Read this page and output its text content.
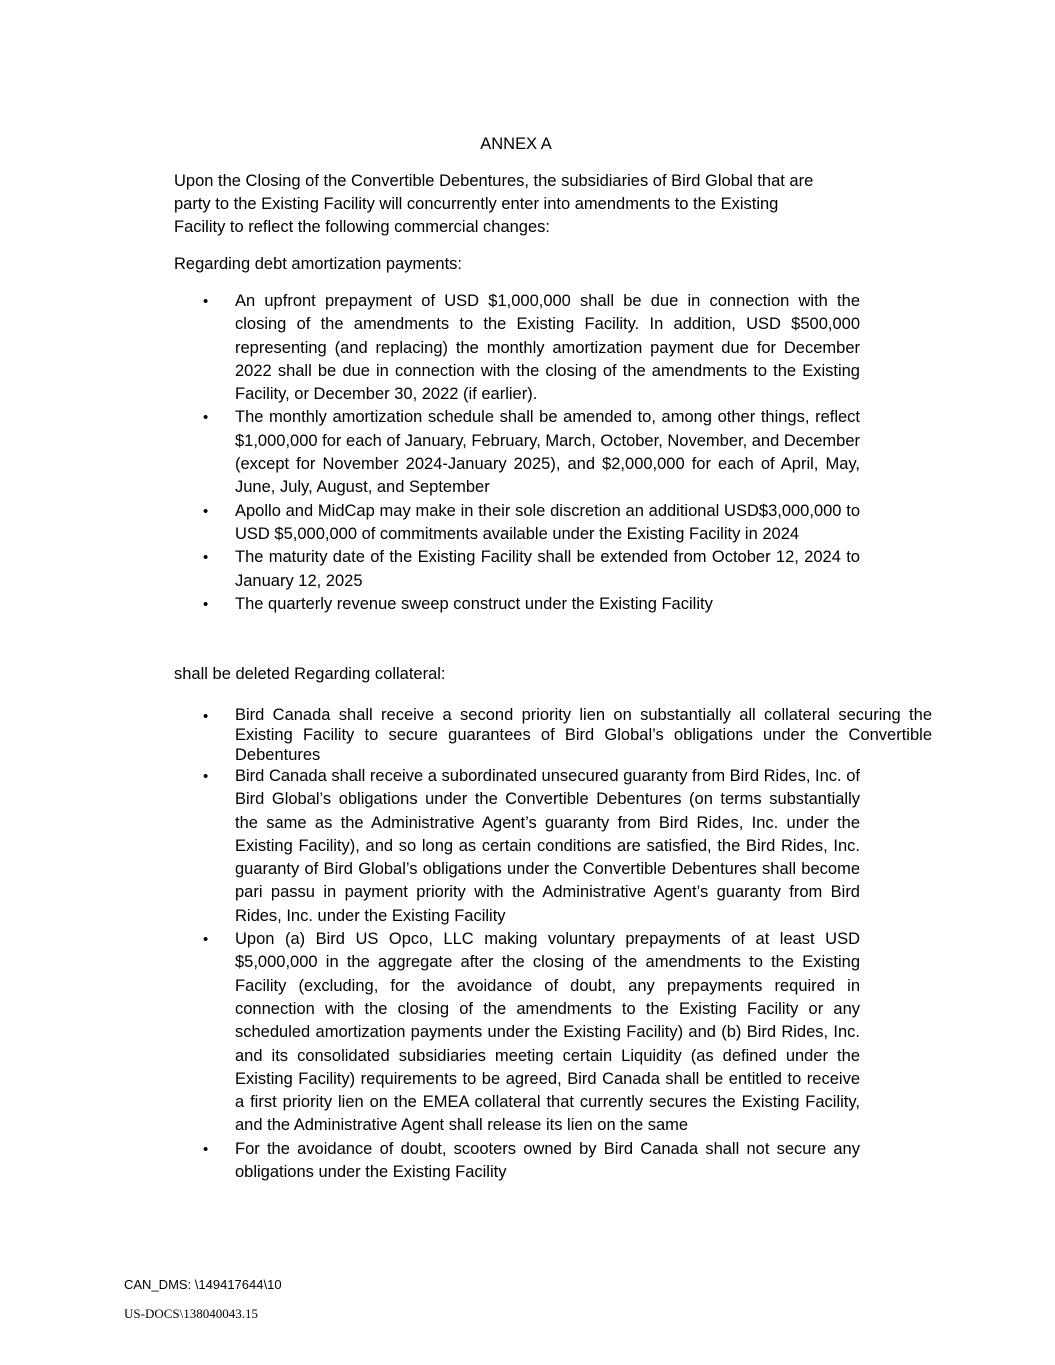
ANNEX A

Upon the Closing of the Convertible Debentures, the subsidiaries of Bird Global that are party to the Existing Facility will concurrently enter into amendments to the Existing Facility to reflect the following commercial changes:

Regarding debt amortization payments:

• An upfront prepayment of USD $1,000,000 shall be due in connection with the closing of the amendments to the Existing Facility. In addition, USD $500,000 representing (and replacing) the monthly amortization payment due for December 2022 shall be due in connection with the closing of the amendments to the Existing Facility, or December 30, 2022 (if earlier).
• The monthly amortization schedule shall be amended to, among other things, reflect $1,000,000 for each of January, February, March, October, November, and December (except for November 2024-January 2025), and $2,000,000 for each of April, May, June, July, August, and September
• Apollo and MidCap may make in their sole discretion an additional USD$3,000,000 to USD $5,000,000 of commitments available under the Existing Facility in 2024
• The maturity date of the Existing Facility shall be extended from October 12, 2024 to January 12, 2025
• The quarterly revenue sweep construct under the Existing Facility

shall be deleted Regarding collateral:

• Bird Canada shall receive a second priority lien on substantially all collateral securing the Existing Facility to secure guarantees of Bird Global’s obligations under the Convertible Debentures
• Bird Canada shall receive a subordinated unsecured guaranty from Bird Rides, Inc. of Bird Global’s obligations under the Convertible Debentures (on terms substantially the same as the Administrative Agent’s guaranty from Bird Rides, Inc. under the Existing Facility), and so long as certain conditions are satisfied, the Bird Rides, Inc. guaranty of Bird Global’s obligations under the Convertible Debentures shall become pari passu in payment priority with the Administrative Agent’s guaranty from Bird Rides, Inc. under the Existing Facility
• Upon (a) Bird US Opco, LLC making voluntary prepayments of at least USD $5,000,000 in the aggregate after the closing of the amendments to the Existing Facility (excluding, for the avoidance of doubt, any prepayments required in connection with the closing of the amendments to the Existing Facility or any scheduled amortization payments under the Existing Facility) and (b) Bird Rides, Inc. and its consolidated subsidiaries meeting certain Liquidity (as defined under the Existing Facility) requirements to be agreed, Bird Canada shall be entitled to receive a first priority lien on the EMEA collateral that currently secures the Existing Facility, and the Administrative Agent shall release its lien on the same
• For the avoidance of doubt, scooters owned by Bird Canada shall not secure any obligations under the Existing Facility
CAN_DMS: \149417644\10
US-DOCS\138040043.15
